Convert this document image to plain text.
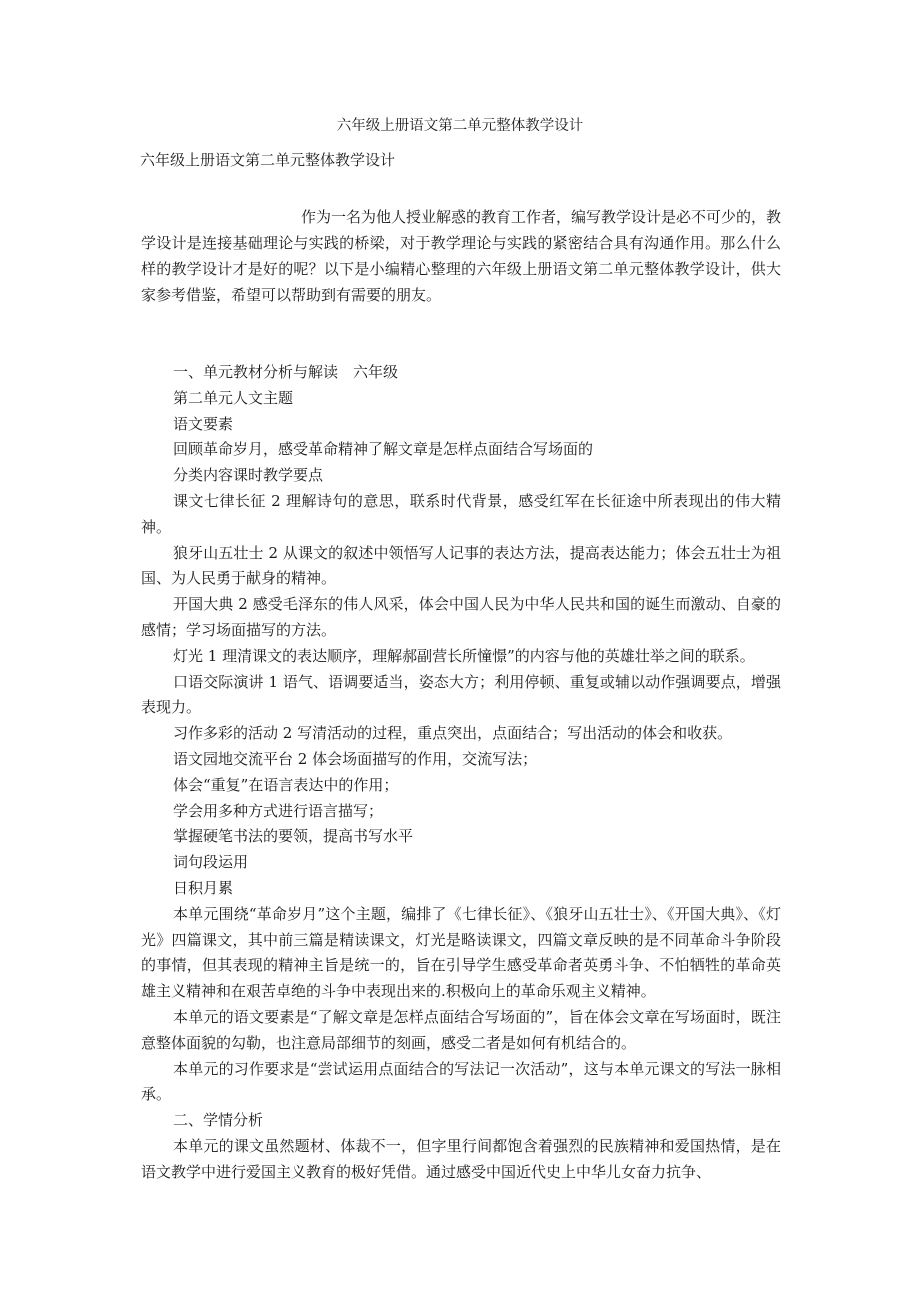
六年级上册语文第二单元整体教学设计

六年级上册语文第二单元整体教学设计

作为一名为他人授业解惑的教育工作者，编写教学设计是必不可少的，教学设计是连接基础理论与实践的桥梁，对于教学理论与实践的紧密结合具有沟通作用。那么什么样的教学设计才是好的呢？以下是小编精心整理的六年级上册语文第二单元整体教学设计，供大家参考借鉴，希望可以帮助到有需要的朋友。

一、单元教材分析与解读　六年级

第二单元人文主题

语文要素

回顾革命岁月，感受革命精神了解文章是怎样点面结合写场面的

分类内容课时教学要点

课文七律长征 2 理解诗句的意思，联系时代背景，感受红军在长征途中所表现出的伟大精神。

狼牙山五壮士 2 从课文的叙述中领悟写人记事的表达方法，提高表达能力；体会五壮士为祖国、为人民勇于献身的精神。

开国大典 2 感受毛泽东的伟人风采，体会中国人民为中华人民共和国的诞生而激动、自豪的感情；学习场面描写的方法。

灯光 1 理清课文的表达顺序，理解郝副营长所憧憬”的内容与他的英雄壮举之间的联系。

口语交际演讲 1 语气、语调要适当，姿态大方；利用停顿、重复或辅以动作强调要点，增强表现力。

习作多彩的活动 2 写清活动的过程，重点突出，点面结合；写出活动的体会和收获。

语文园地交流平台 2 体会场面描写的作用，交流写法；

体会“重复”在语言表达中的作用；

学会用多种方式进行语言描写；

掌握硬笔书法的要领，提高书写水平

词句段运用

日积月累

本单元围绕“革命岁月”这个主题，编排了《七律长征》、《狼牙山五壮士》、《开国大典》、《灯光》四篇课文，其中前三篇是精读课文，灯光是略读课文，四篇文章反映的是不同革命斗争阶段的事情，但其表现的精神主旨是统一的，旨在引导学生感受革命者英勇斗争、不怕牺牲的革命英雄主义精神和在艰苦卓绝的斗争中表现出来的.积极向上的革命乐观主义精神。

本单元的语文要素是“了解文章是怎样点面结合写场面的”，旨在体会文章在写场面时，既注意整体面貌的勾勒，也注意局部细节的刻画，感受二者是如何有机结合的。

本单元的习作要求是“尝试运用点面结合的写法记一次活动”，这与本单元课文的写法一脉相承。

二、学情分析

本单元的课文虽然题材、体裁不一，但字里行间都饱含着强烈的民族精神和爱国热情，是在语文教学中进行爱国主义教育的极好凭借。通过感受中国近代史上中华儿女奋力抗争、
